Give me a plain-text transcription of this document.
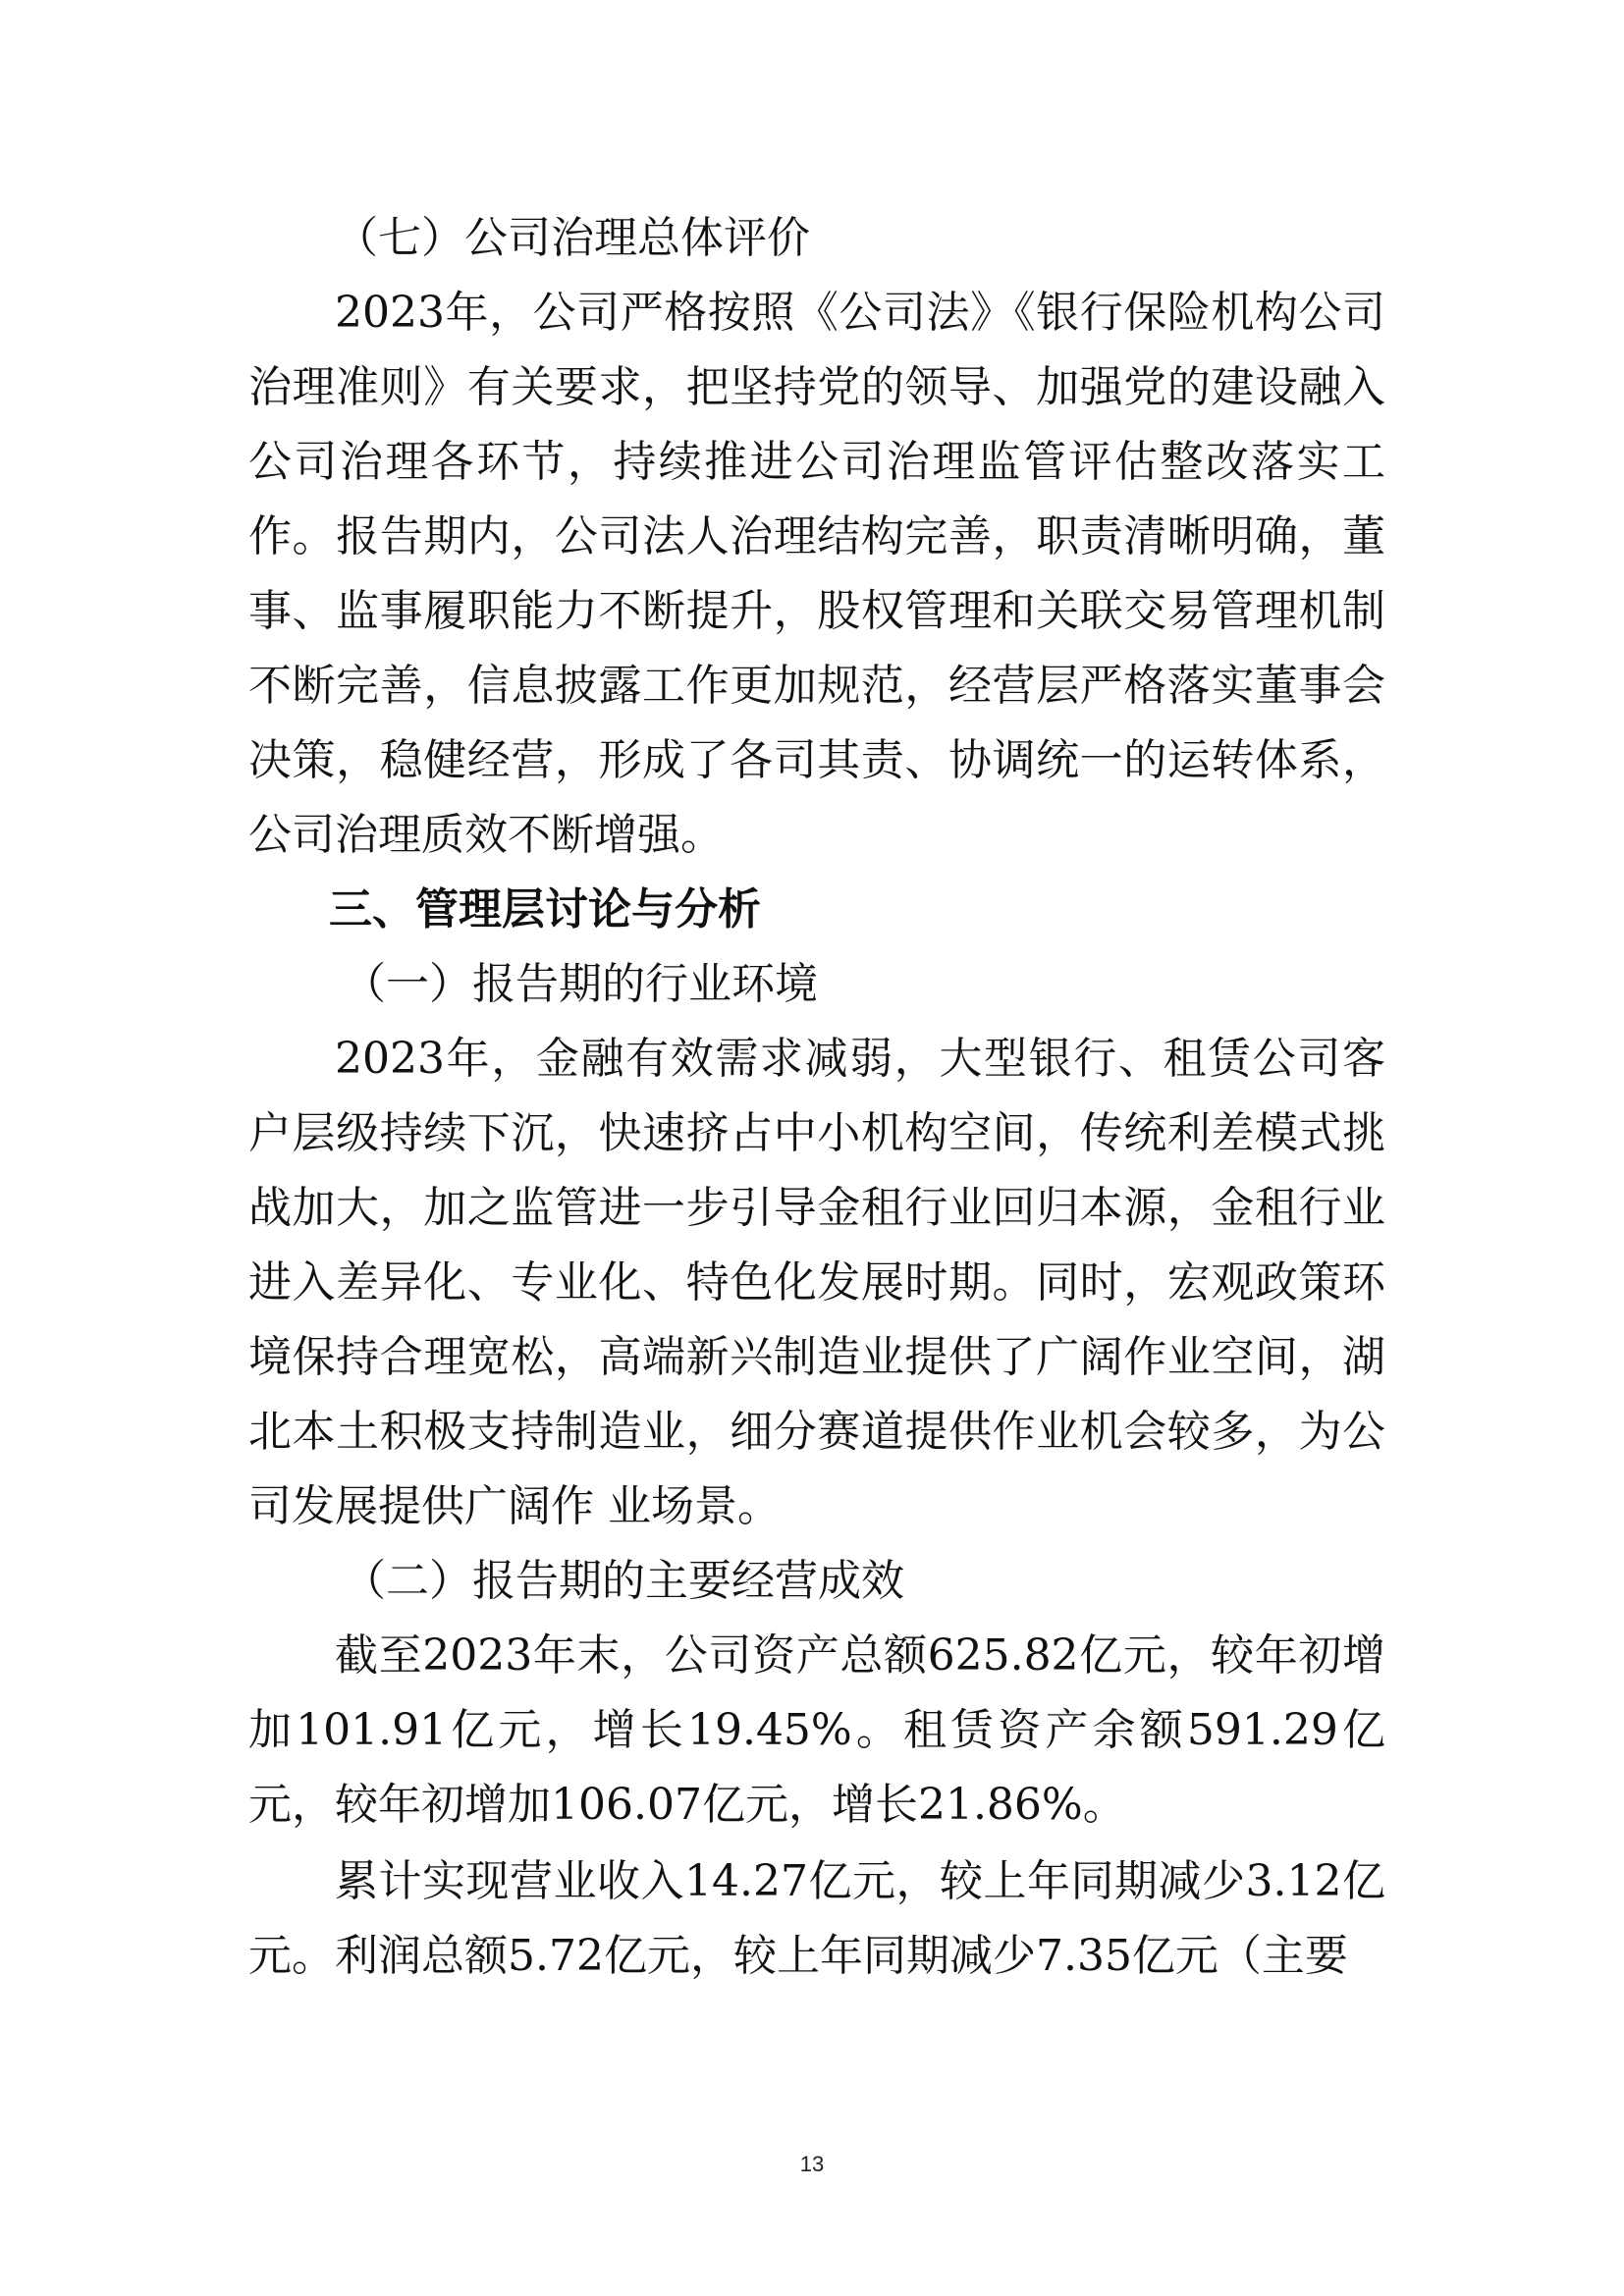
（七）公司治理总体评价
2023年，公司严格按照《公司法》《银行保险机构公司治理准则》有关要求，把坚持党的领导、加强党的建设融入公司治理各环节，持续推进公司治理监管评估整改落实工作。报告期内，公司法人治理结构完善，职责清晰明确，董事、监事履职能力不断提升，股权管理和关联交易管理机制不断完善，信息披露工作更加规范，经营层严格落实董事会决策，稳健经营，形成了各司其责、协调统一的运转体系，公司治理质效不断增强。
三、管理层讨论与分析
（一）报告期的行业环境
2023年，金融有效需求减弱，大型银行、租赁公司客户层级持续下沉，快速挤占中小机构空间，传统利差模式挑战加大，加之监管进一步引导金租行业回归本源，金租行业进入差异化、专业化、特色化发展时期。同时，宏观政策环境保持合理宽松，高端新兴制造业提供了广阔作业空间，湖北本土积极支持制造业，细分赛道提供作业机会较多，为公司发展提供广阔作 业场景。
（二）报告期的主要经营成效
截至2023年末，公司资产总额625.82亿元，较年初增加101.91亿元，增长19.45%。租赁资产余额591.29亿元，较年初增加106.07亿元，增长21.86%。
累计实现营业收入14.27亿元，较上年同期减少3.12亿元。利润总额5.72亿元，较上年同期减少7.35亿元（主要
13
